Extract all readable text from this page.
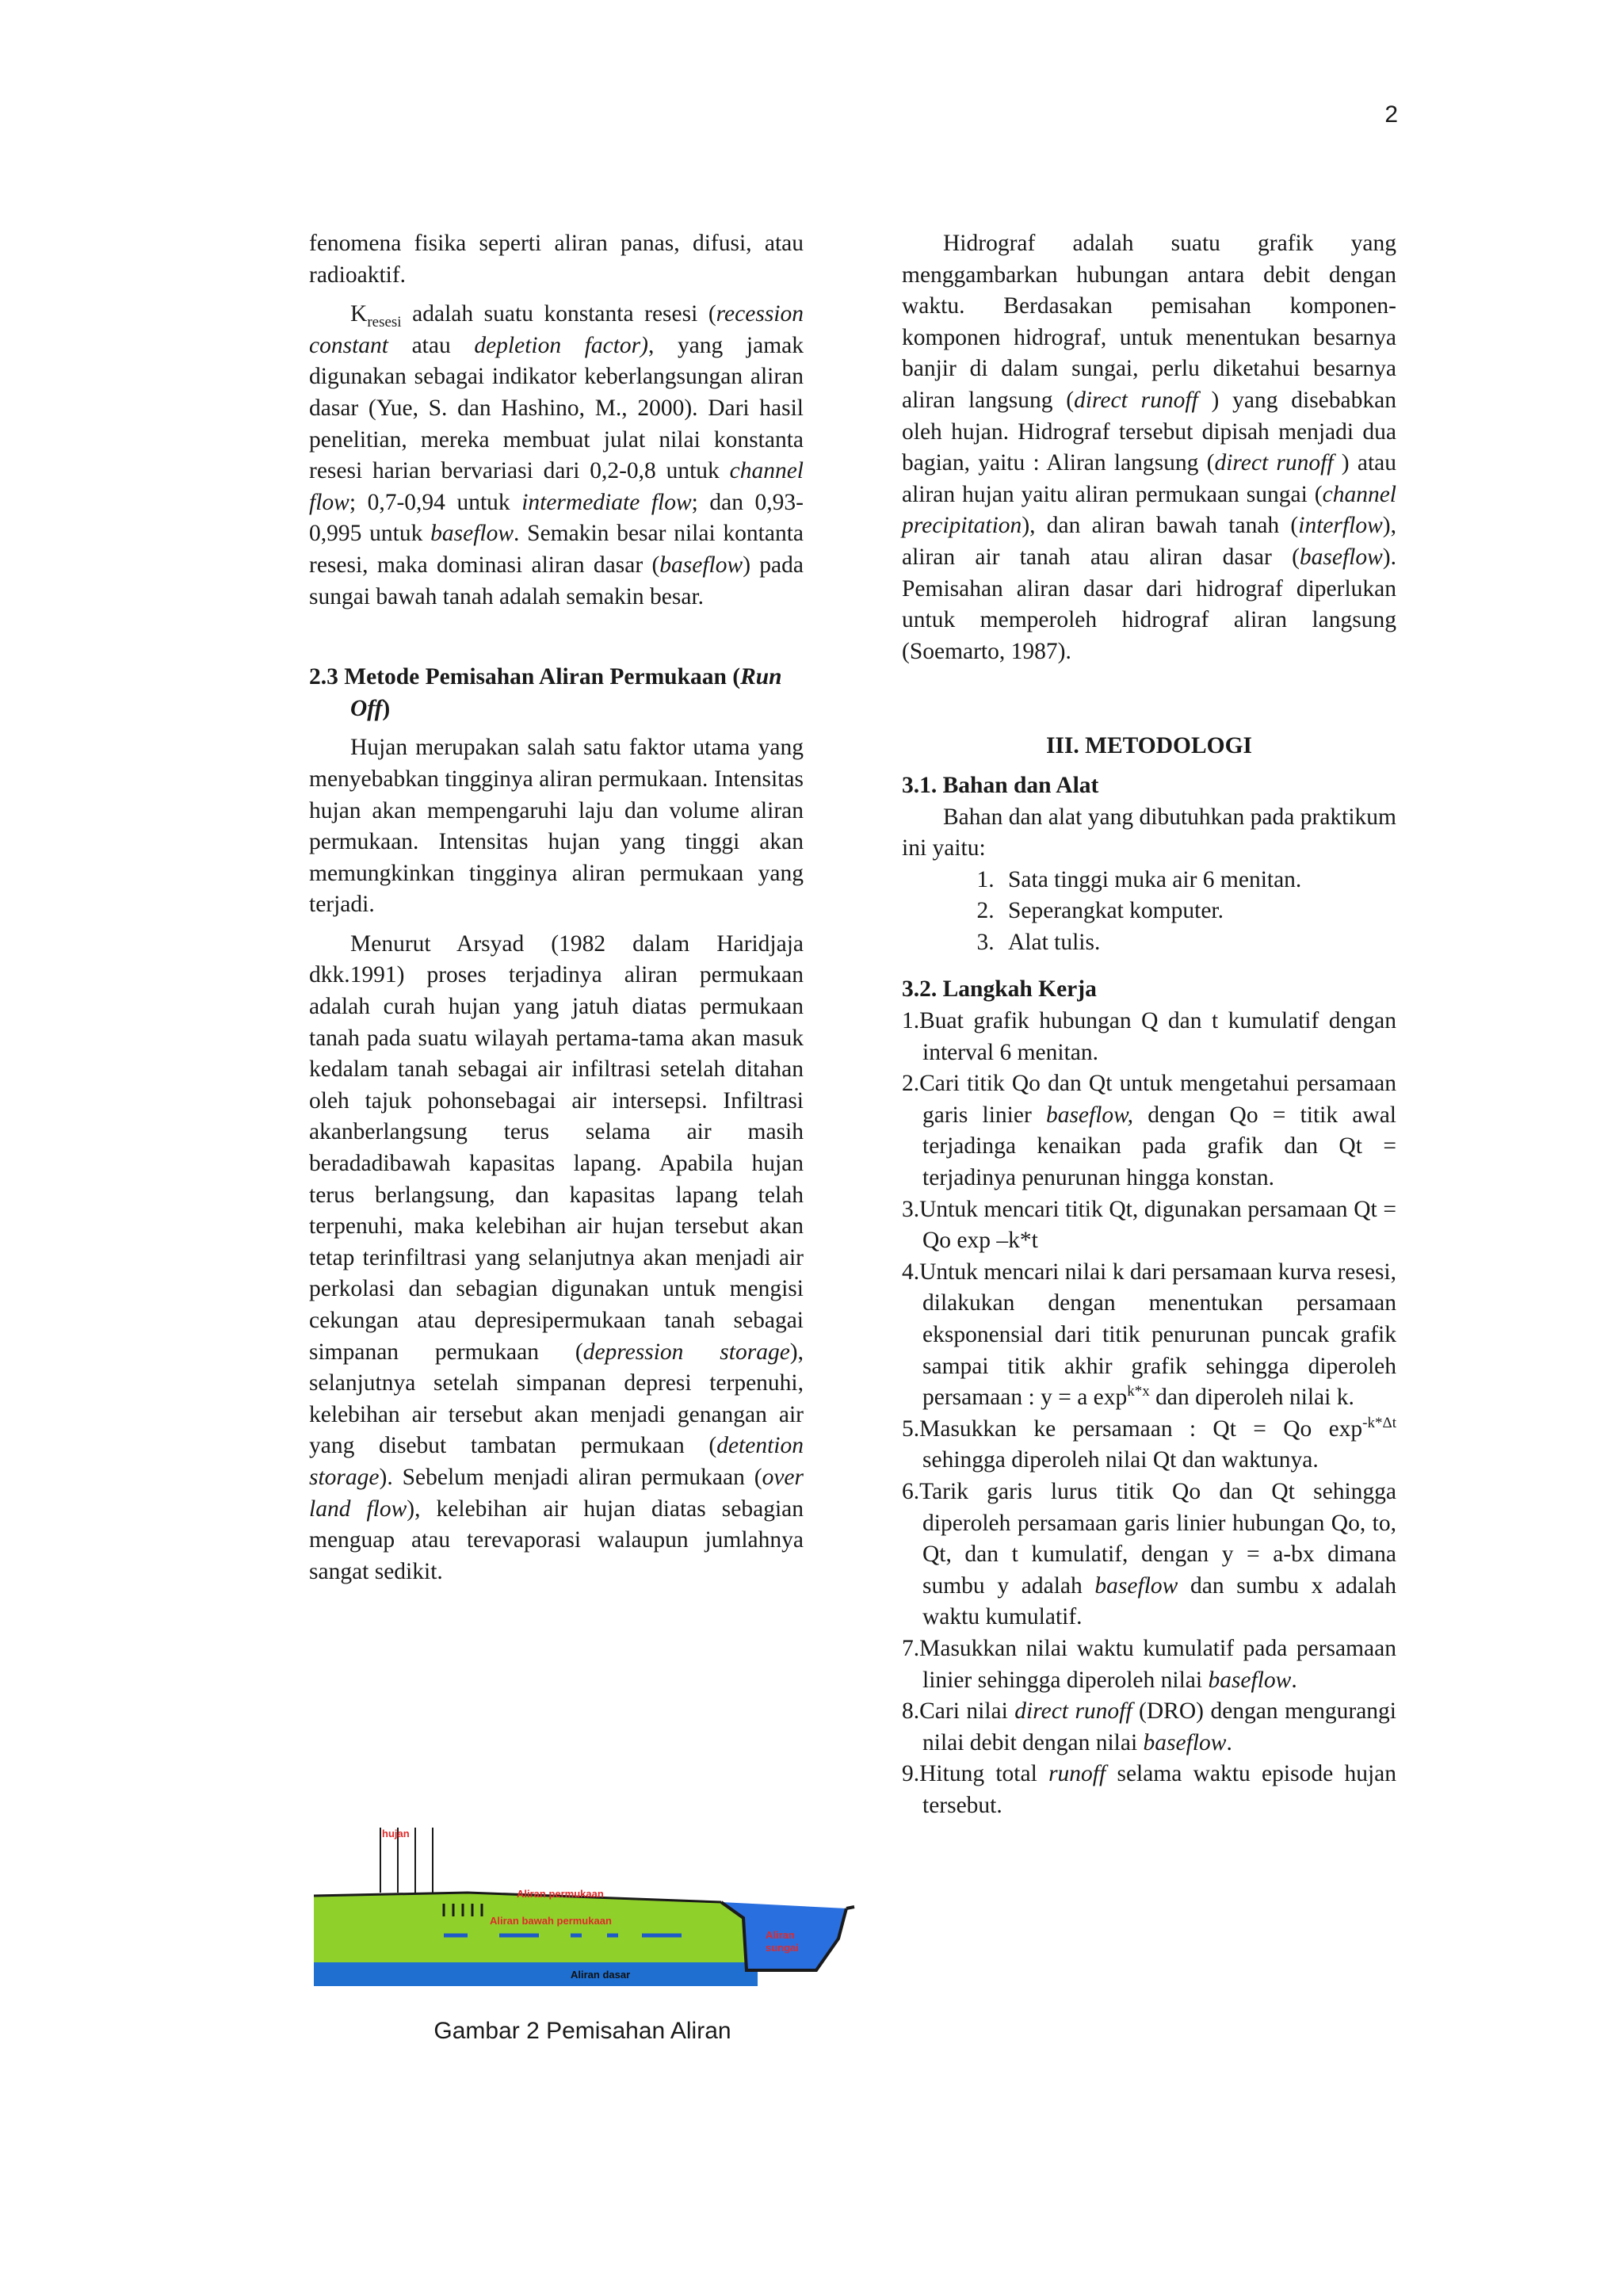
2

fenomena fisika seperti aliran panas, difusi, atau radioaktif.

$K_{resesi}$ adalah suatu konstanta resesi (recession constant atau depletion factor), yang jamak digunakan sebagai indikator keberlangsungan aliran dasar (Yue, S. dan Hashino, M., 2000). Dari hasil penelitian, mereka membuat julat nilai konstanta resesi harian bervariasi dari 0,2-0,8 untuk channel flow; 0,7-0,94 untuk intermediate flow; dan 0,93-0,995 untuk baseflow. Semakin besar nilai kontanta resesi, maka dominasi aliran dasar (baseflow) pada sungai bawah tanah adalah semakin besar.

2.3 Metode Pemisahan Aliran Permukaan (Run Off)

Hujan merupakan salah satu faktor utama yang menyebabkan tingginya aliran permukaan. Intensitas hujan akan mempengaruhi laju dan volume aliran permukaan. Intensitas hujan yang tinggi akan memungkinkan tingginya aliran permukaan yang terjadi.

Menurut Arsyad (1982 dalam Haridjaja dkk.1991) proses terjadinya aliran permukaan adalah curah hujan yang jatuh diatas permukaan tanah pada suatu wilayah pertama-tama akan masuk kedalam tanah sebagai air infiltrasi setelah ditahan oleh tajuk pohonsebagai air intersepsi. Infiltrasi akanberlangsung terus selama air masih beradadibawah kapasitas lapang. Apabila hujan terus berlangsung, dan kapasitas lapang telah terpenuhi, maka kelebihan air hujan tersebut akan tetap terinfiltrasi yang selanjutnya akan menjadi air perkolasi dan sebagian digunakan untuk mengisi cekungan atau depresipermukaan tanah sebagai simpanan permukaan (depression storage), selanjutnya setelah simpanan depresi terpenuhi, kelebihan air tersebut akan menjadi genangan air yang disebut tambatan permukaan (detention storage). Sebelum menjadi aliran permukaan (over land flow), kelebihan air hujan diatas sebagian menguap atau terevaporasi walaupun jumlahnya sangat sedikit.

hujan
Aliran permukaan
Aliran bawah permukaan
Aliran
sungai
Aliran dasar
Gambar 2 Pemisahan Aliran

Hidrograf adalah suatu grafik yang menggambarkan hubungan antara debit dengan waktu. Berdasakan pemisahan komponen-komponen hidrograf, untuk menentukan besarnya banjir di dalam sungai, perlu diketahui besarnya aliran langsung (direct runoff ) yang disebabkan oleh hujan. Hidrograf tersebut dipisah menjadi dua bagian, yaitu : Aliran langsung (direct runoff ) atau aliran hujan yaitu aliran permukaan sungai (channel precipitation), dan aliran bawah tanah (interflow), aliran air tanah atau aliran dasar (baseflow). Pemisahan aliran dasar dari hidrograf diperlukan untuk memperoleh hidrograf aliran langsung  (Soemarto, 1987).

III. METODOLOGI
3.1. Bahan dan Alat

Bahan dan alat yang dibutuhkan pada praktikum ini yaitu:

1. Sata tinggi muka air 6 menitan.
2. Seperangkat komputer.
3. Alat tulis.
3.2. Langkah Kerja
1.Buat grafik hubungan Q dan t kumulatif dengan interval 6 menitan.
2.Cari titik Qo dan Qt untuk mengetahui persamaan garis linier baseflow, dengan Qo = titik awal terjadinga kenaikan pada grafik dan Qt = terjadinya penurunan hingga konstan.
3.Untuk mencari titik Qt, digunakan persamaan Qt = Qo exp –k*t
4.Untuk mencari nilai k dari persamaan kurva resesi, dilakukan dengan menentukan persamaan eksponensial dari titik penurunan puncak grafik sampai titik akhir grafik sehingga diperoleh persamaan : y = a $\exp^{k*x}$ dan diperoleh nilai k.
5.Masukkan ke persamaan : Qt = Qo $\exp^{-k*\Delta t}$ sehingga diperoleh nilai Qt dan waktunya.
6.Tarik garis lurus titik Qo dan Qt sehingga diperoleh persamaan garis linier hubungan Qo, to, Qt, dan t kumulatif, dengan y = a-bx dimana sumbu y adalah baseflow dan sumbu x adalah waktu kumulatif.
7.Masukkan nilai waktu kumulatif pada persamaan linier sehingga diperoleh nilai baseflow.
8.Cari nilai direct runoff (DRO) dengan mengurangi nilai debit dengan nilai baseflow.
9.Hitung total runoff selama waktu episode hujan tersebut.
